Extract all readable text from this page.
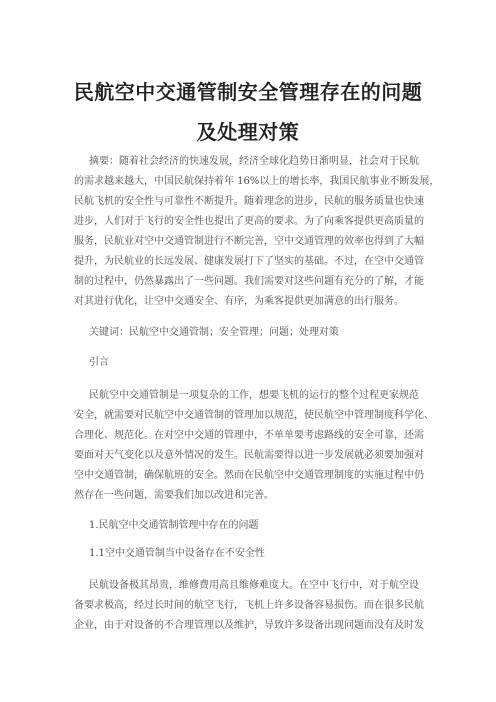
民航空中交通管制安全管理存在的问题
及处理对策
摘要：随着社会经济的快速发展，经济全球化趋势日渐明显，社会对于民航
的需求越来越大，中国民航保持着年 16%以上的增长率，我国民航事业不断发展，
民航飞机的安全性与可靠性不断提升。随着理念的进步，民航的服务质量也快速
进步，人们对于飞行的安全性也提出了更高的要求。为了向乘客提供更高质量的
服务，民航业对空中交通管制进行不断完善，空中交通管理的效率也得到了大幅
提升，为民航业的长远发展、健康发展打下了坚实的基础。不过，在空中交通管
制的过程中，仍然暴露出了一些问题。我们需要对这些问题有充分的了解，才能
对其进行优化，让空中交通安全、有序，为乘客提供更加满意的出行服务。
关键词：民航空中交通管制；安全管理；问题；处理对策
引言
民航空中交通管制是一项复杂的工作，想要飞机的运行的整个过程更家规范
安全，就需要对民航空中交通管制的管理加以规范，使民航空中管理制度科学化、
合理化、规范化。在对空中交通的管理中，不单单要考虑路线的安全可靠，还需
要面对天气变化以及意外情况的发生。民航需要得以进一步发展就必须要加强对
空中交通管制，确保航班的安全。然而在民航空中交通管理制度的实施过程中仍
然存在一些问题，需要我们加以改进和完善。
1.民航空中交通管制管理中存在的问题
1.1空中交通管制当中设备存在不安全性
民航设备极其昂贵，维修费用高且维修难度大。在空中飞行中，对于航空设
备要求极高，经过长时间的航空飞行，飞机上许多设备容易损伤。而在很多民航
企业，由于对设备的不合理管理以及维护，导致许多设备出现问题而没有及时发
